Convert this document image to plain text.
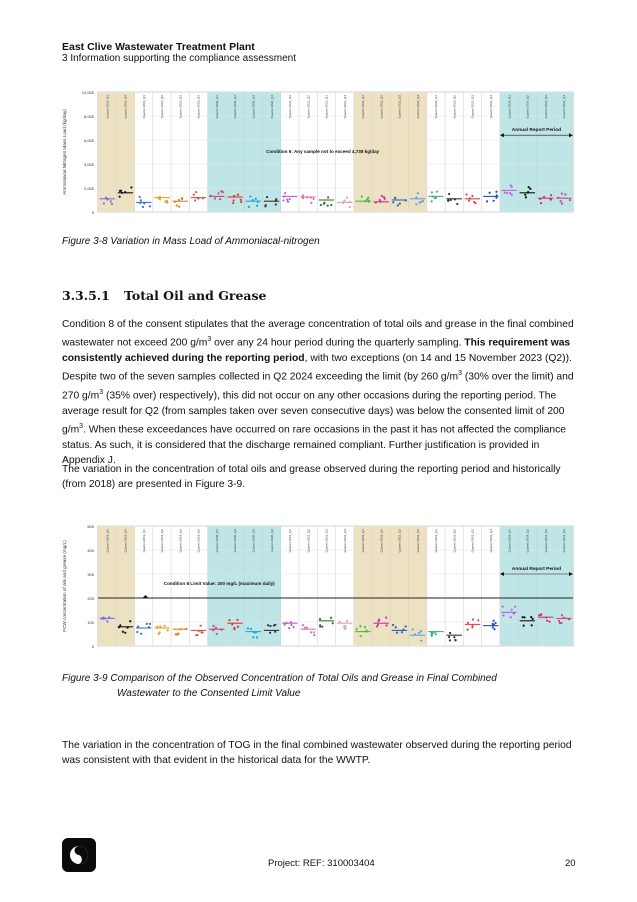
East Clive Wastewater Treatment Plant
3 Information supporting the compliance assessment
0
2,000
4,000
6,000
8,000
10,000
Ammoniacal Nitrogen Mass Load (kg/day)
Quarter 2018_Q3	Quarter 2018_Q4	Quarter 2019_Q1	Quarter 2019_Q2	Quarter 2019_Q3	Quarter 2019_Q4	Quarter 2020_Q1	Quarter 2020_Q2	Quarter 2020_Q3	Quarter 2020_Q4	Quarter 2021_Q1	Quarter 2021_Q2	Quarter 2021_Q3	Quarter 2021_Q4	Quarter 2022_Q1	Quarter 2022_Q2	Quarter 2022_Q3	Quarter 2022_Q4	Quarter 2023_Q1	Quarter 2023_Q2	Quarter 2023_Q3	Quarter 2023_Q4	Quarter 2024_Q1	Quarter 2024_Q2	Quarter 2024_Q3	Quarter 2024_Q4
Condition 6: Any sample not to exceed 4,738 kg/day
Annual Report Period
Figure 3-8 Variation in Mass Load of Ammoniacal-nitrogen
3.3.5.1 Total Oil and Grease

Condition 8 of the consent stipulates that the average concentration of total oils and grease in the final combined wastewater not exceed 200 $g/m^3$ over any 24 hour period during the quarterly sampling. This requirement was consistently achieved during the reporting period, with two exceptions (on 14 and 15 November 2023 (Q2)). Despite two of the seven samples collected in Q2 2024 exceeding the limit (by 260 $g/m^3$ (30% over the limit) and 270 $g/m^3$ (35% over) respectively), this did not occur on any other occasions during the reporting period. The average result for Q2 (from samples taken over seven consecutive days) was below the consented limit of 200 $g/m^3$. When these exceedances have occurred on rare occasions in the past it has not affected the compliance status. As such, it is considered that the discharge remained compliant. Further justification is provided in Appendix J.

The variation in the concentration of total oils and grease observed during the reporting period and historically (from 2018) are presented in Figure 3-9.

0
100
200
300
400
500
FCW concentration of oils and grease (mg/L)	Quarter 2018_Q3	Quarter 2018_Q4	Quarter 2019_Q1	Quarter 2019_Q2	Quarter 2019_Q3	Quarter 2019_Q4	Quarter 2020_Q1	Quarter 2020_Q2	Quarter 2020_Q3	Quarter 2020_Q4	Quarter 2021_Q1	Quarter 2021_Q2	Quarter 2021_Q3	Quarter 2021_Q4	Quarter 2022_Q1	Quarter 2022_Q2	Quarter 2022_Q3	Quarter 2022_Q4	Quarter 2023_Q1	Quarter 2023_Q2	Quarter 2023_Q3	Quarter 2023_Q4	Quarter 2024_Q1	Quarter 2024_Q2	Quarter 2024_Q3	Quarter 2024_Q4
Condition 8 Limit Value: 200 mg/L (maximum daily)
Annual Report Period
Figure 3-9 Comparison of the Observed Concentration of Total Oils and Grease in Final Combined
Wastewater to the Consented Limit Value

The variation in the concentration of TOG in the final combined wastewater observed during the reporting period was consistent with that evident in the historical data for the WWTP.

Project: REF: 310003404	20
